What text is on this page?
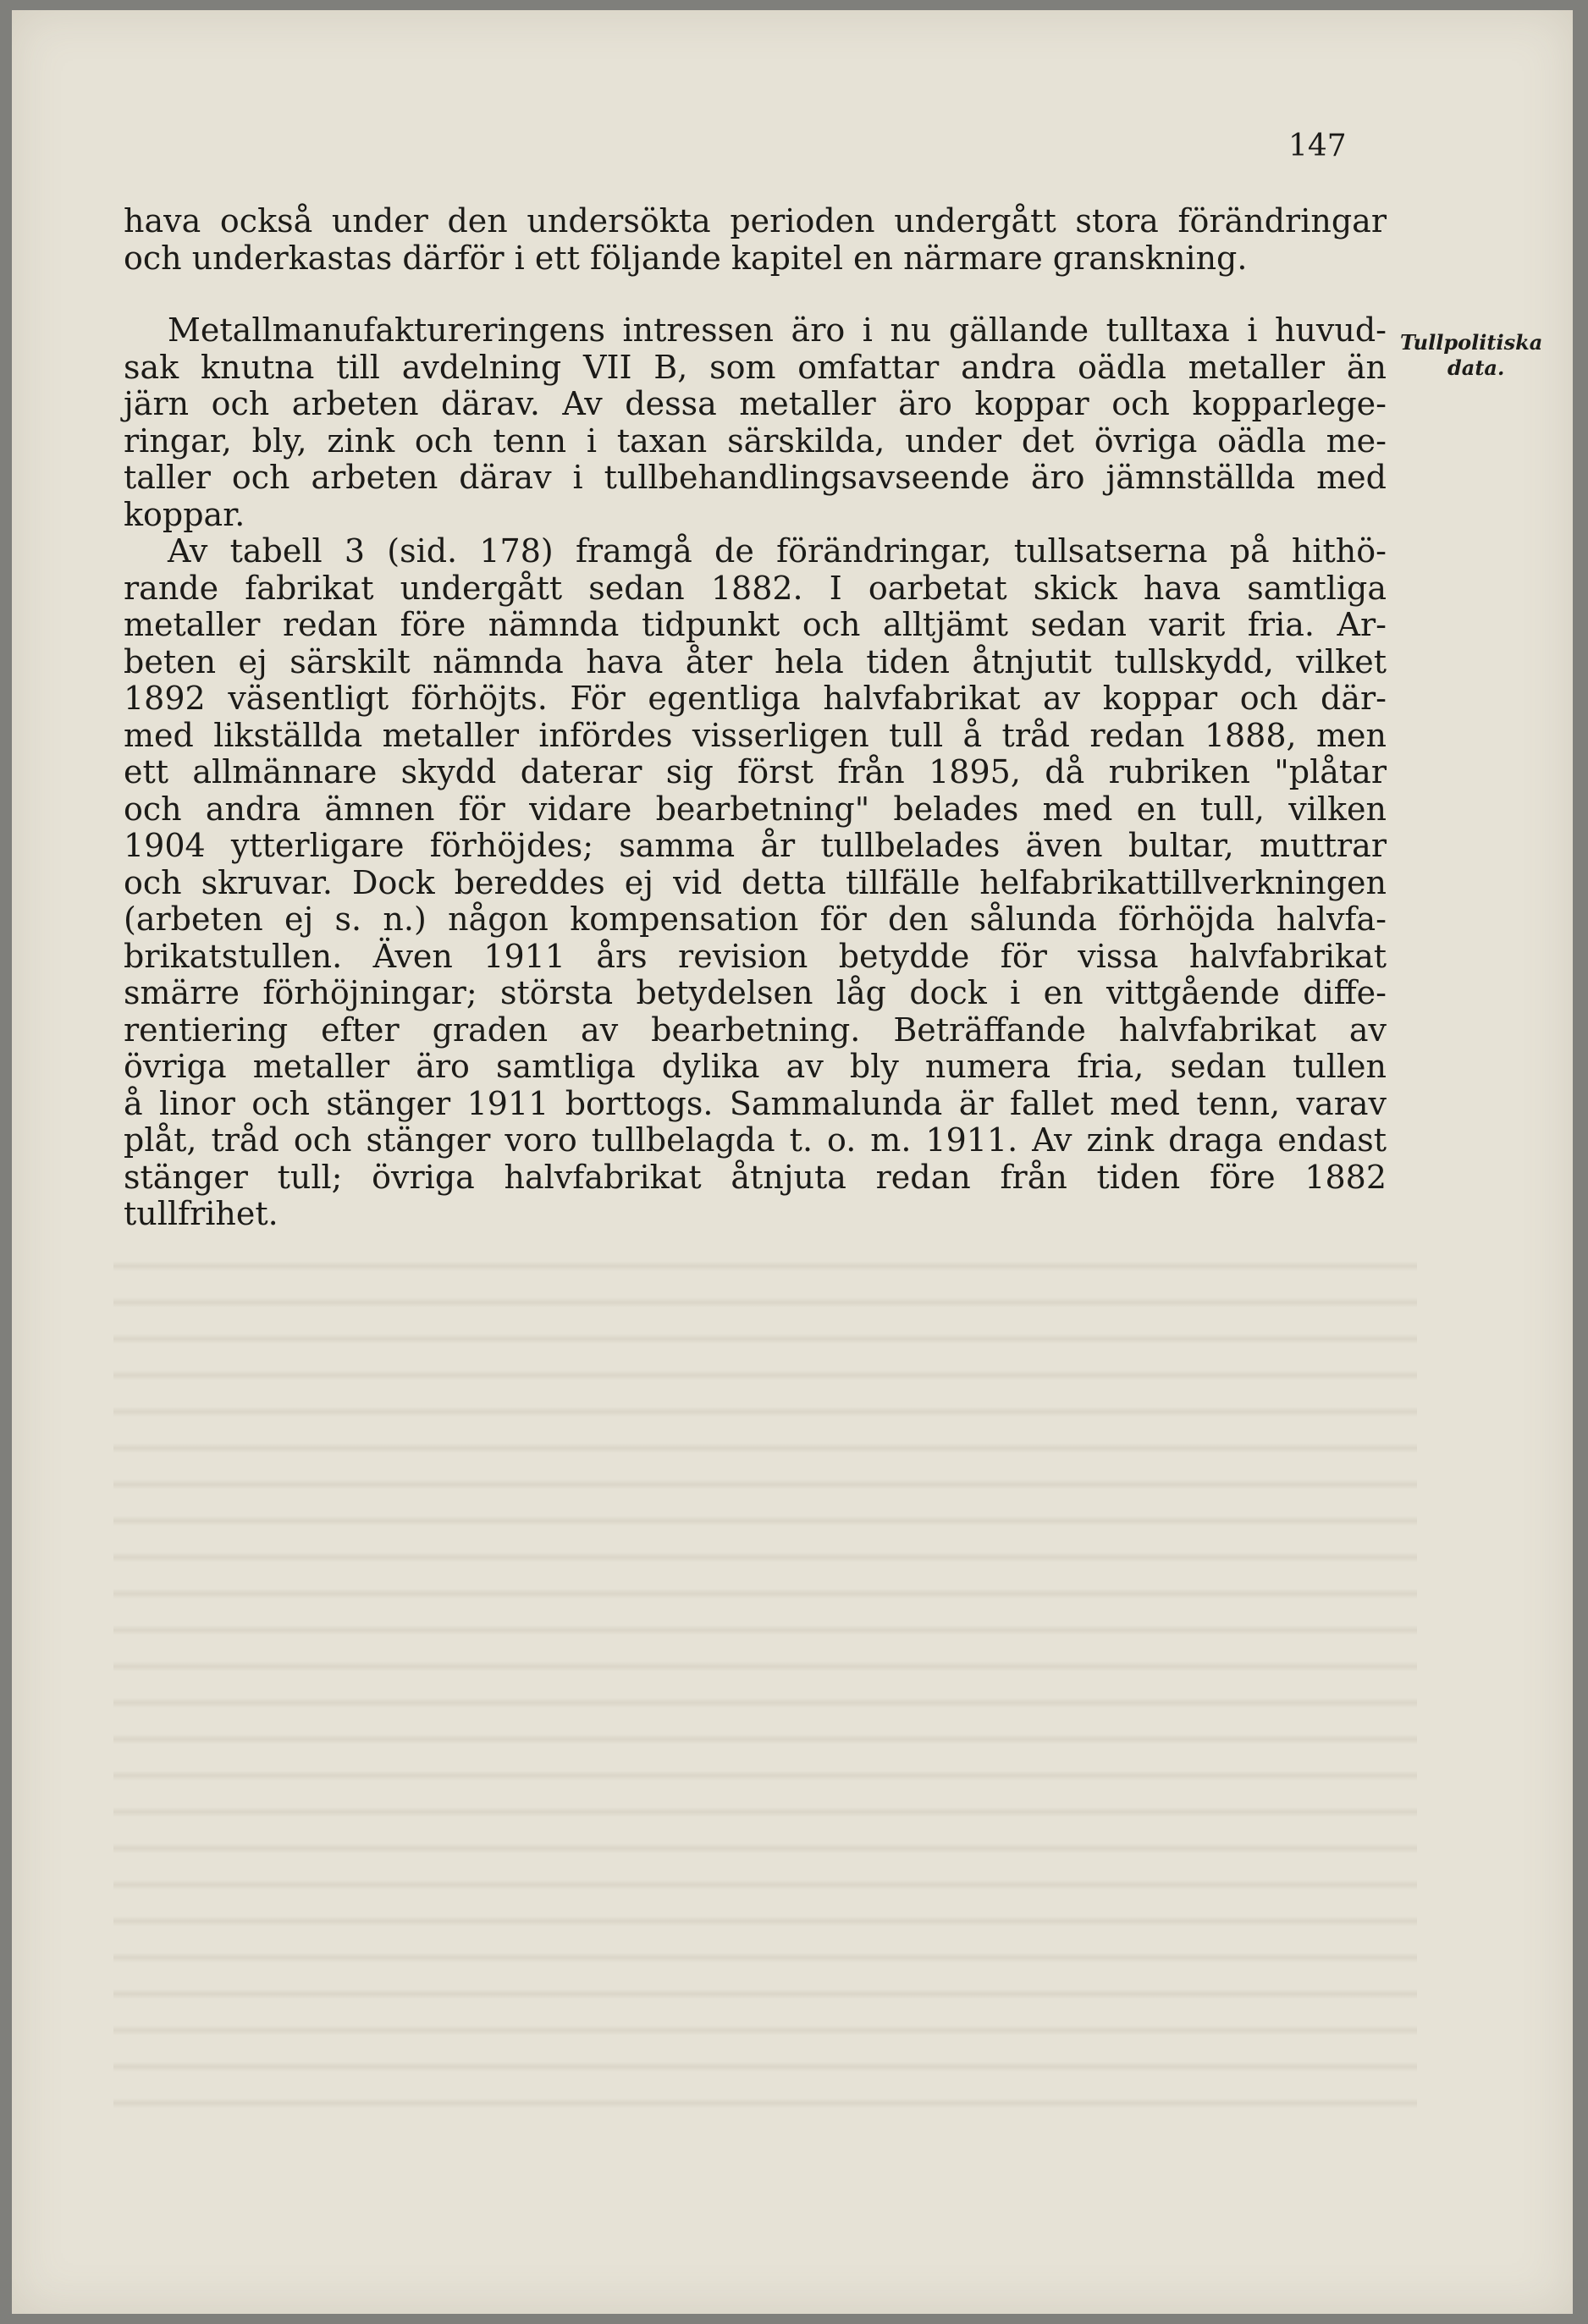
147
Tullpolitiska
data.
hava också under den undersökta perioden undergått stora förändringar
och underkastas därför i ett följande kapitel en närmare granskning.
Metallmanufaktureringens intressen äro i nu gällande tulltaxa i huvud-
sak knutna till avdelning VII B, som omfattar andra oädla metaller än
järn och arbeten därav. Av dessa metaller äro koppar och kopparlege-
ringar, bly, zink och tenn i taxan särskilda, under det övriga oädla me-
taller och arbeten därav i tullbehandlingsavseende äro jämnställda med
koppar.
Av tabell 3 (sid. 178) framgå de förändringar, tullsatserna på hithö-
rande fabrikat undergått sedan 1882. I oarbetat skick hava samtliga
metaller redan före nämnda tidpunkt och alltjämt sedan varit fria. Ar-
beten ej särskilt nämnda hava åter hela tiden åtnjutit tullskydd, vilket
1892 väsentligt förhöjts. För egentliga halvfabrikat av koppar och där-
med likställda metaller infördes visserligen tull å tråd redan 1888, men
ett allmännare skydd daterar sig först från 1895, då rubriken "plåtar
och andra ämnen för vidare bearbetning" belades med en tull, vilken
1904 ytterligare förhöjdes; samma år tullbelades även bultar, muttrar
och skruvar. Dock bereddes ej vid detta tillfälle helfabrikattillverkningen
(arbeten ej s. n.) någon kompensation för den sålunda förhöjda halvfa-
brikatstullen. Även 1911 års revision betydde för vissa halvfabrikat
smärre förhöjningar; största betydelsen låg dock i en vittgående diffe-
rentiering efter graden av bearbetning. Beträffande halvfabrikat av
övriga metaller äro samtliga dylika av bly numera fria, sedan tullen
å linor och stänger 1911 borttogs. Sammalunda är fallet med tenn, varav
plåt, tråd och stänger voro tullbelagda t. o. m. 1911. Av zink draga endast
stänger tull; övriga halvfabrikat åtnjuta redan från tiden före 1882
tullfrihet.
